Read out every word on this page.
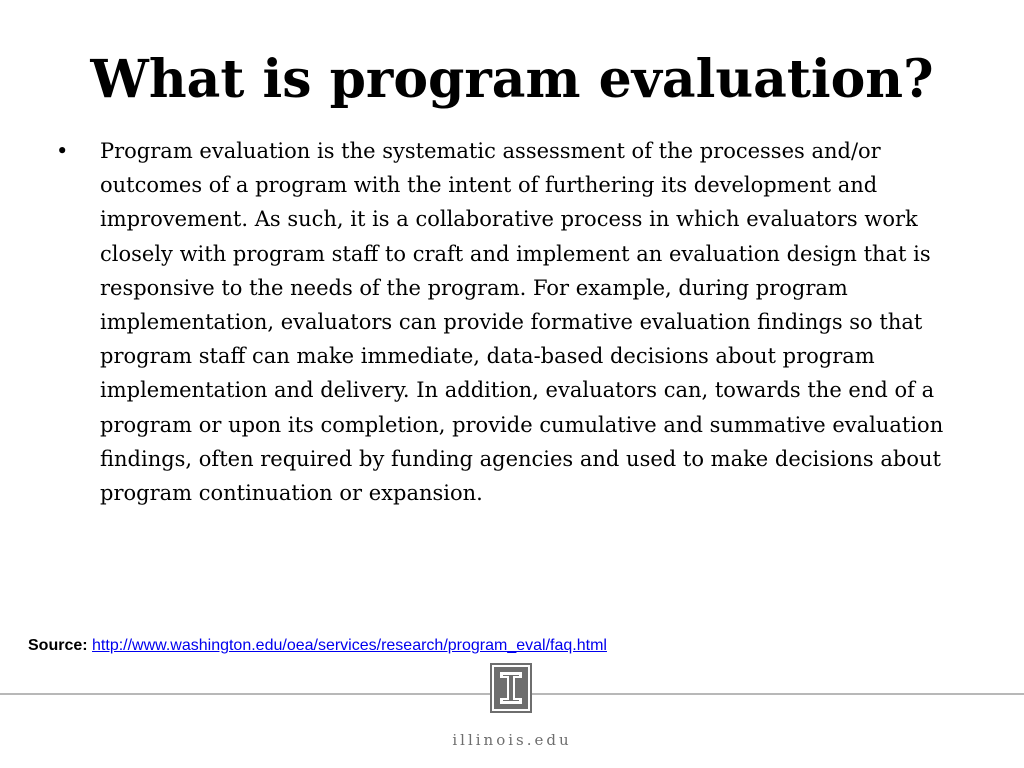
What is program evaluation?
•	Program evaluation is the systematic assessment of the processes and/or outcomes of a program with the intent of furthering its development and improvement. As such, it is a collaborative process in which evaluators work closely with program staff to craft and implement an evaluation design that is responsive to the needs of the program. For example, during program implementation, evaluators can provide formative evaluation findings so that program staff can make immediate, data-based decisions about program implementation and delivery. In addition, evaluators can, towards the end of a program or upon its completion, provide cumulative and summative evaluation findings, often required by funding agencies and used to make decisions about program continuation or expansion.
Source: http://www.washington.edu/oea/services/research/program_eval/faq.html
illinois.edu
